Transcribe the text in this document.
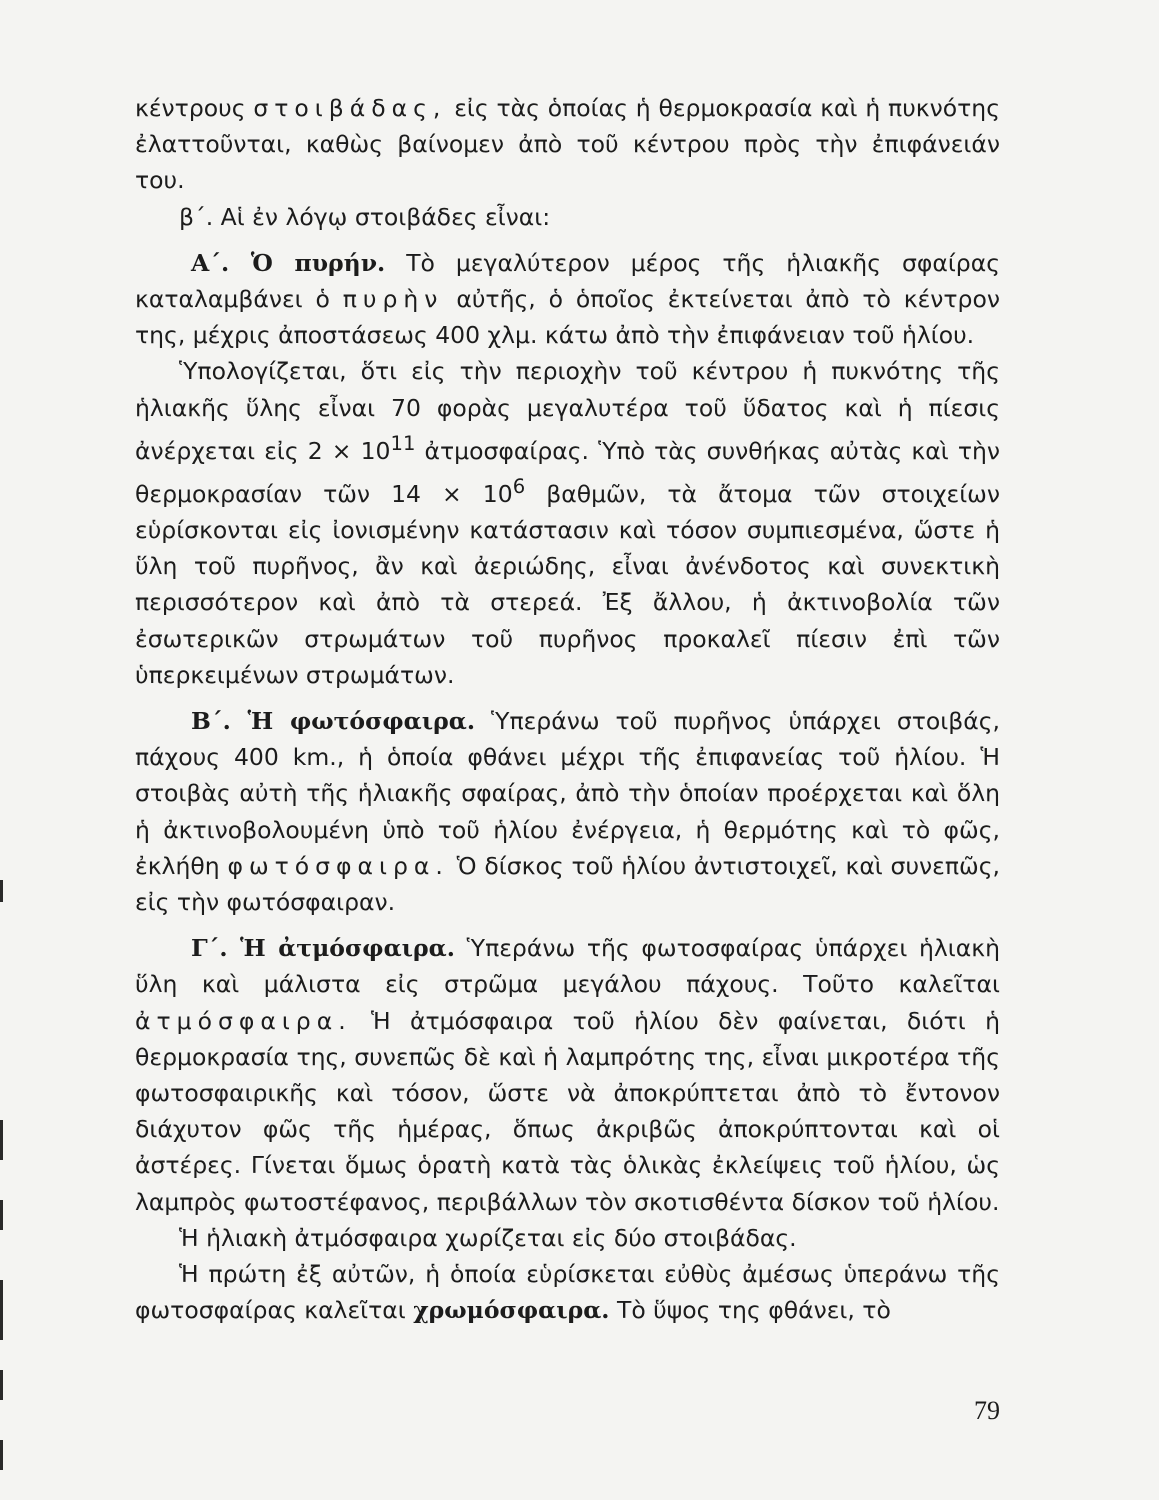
κέντρους στοιβάδας, εἰς τὰς ὁποίας ἡ θερμοκρασία καὶ ἡ πυκνότης ἐλαττοῦνται, καθὼς βαίνομεν ἀπὸ τοῦ κέντρου πρὸς τὴν ἐπιφάνειάν του.

β΄. Αἱ ἐν λόγῳ στοιβάδες εἶναι:

Α΄. Ὁ πυρήν. Τὸ μεγαλύτερον μέρος τῆς ἡλιακῆς σφαίρας καταλαμβάνει ὁ πυρὴν αὐτῆς, ὁ ὁποῖος ἐκτείνεται ἀπὸ τὸ κέντρον της, μέχρις ἀποστάσεως 400 χλμ. κάτω ἀπὸ τὴν ἐπιφάνειαν τοῦ ἡλίου.

Ὑπολογίζεται, ὅτι εἰς τὴν περιοχὴν τοῦ κέντρου ἡ πυκνότης τῆς ἡλιακῆς ὕλης εἶναι 70 φορὰς μεγαλυτέρα τοῦ ὕδατος καὶ ἡ πίεσις ἀνέρχεται εἰς $2 \times 10^{11}$ ἀτμοσφαίρας. Ὑπὸ τὰς συνθήκας αὐτὰς καὶ τὴν θερμοκρασίαν τῶν $14 \times 10^6$ βαθμῶν, τὰ ἄτομα τῶν στοιχείων εὑρίσκονται εἰς ἰονισμένην κατάστασιν καὶ τόσον συμπιεσμένα, ὥστε ἡ ὕλη τοῦ πυρῆνος, ἂν καὶ ἀεριώδης, εἶναι ἀνένδοτος καὶ συνεκτικὴ περισσότερον καὶ ἀπὸ τὰ στερεά. Ἐξ ἄλλου, ἡ ἀκτινοβολία τῶν ἐσωτερικῶν στρωμάτων τοῦ πυρῆνος προκαλεῖ πίεσιν ἐπὶ τῶν ὑπερκειμένων στρωμάτων.

Β΄. Ἡ φωτόσφαιρα. Ὑπεράνω τοῦ πυρῆνος ὑπάρχει στοιβάς, πάχους 400 km., ἡ ὁποία φθάνει μέχρι τῆς ἐπιφανείας τοῦ ἡλίου. Ἡ στοιβὰς αὐτὴ τῆς ἡλιακῆς σφαίρας, ἀπὸ τὴν ὁποίαν προέρχεται καὶ ὅλη ἡ ἀκτινοβολουμένη ὑπὸ τοῦ ἡλίου ἐνέργεια, ἡ θερμότης καὶ τὸ φῶς, ἐκλήθη φωτόσφαιρα. Ὁ δίσκος τοῦ ἡλίου ἀντιστοιχεῖ, καὶ συνεπῶς, εἰς τὴν φωτόσφαιραν.

Γ΄. Ἡ ἀτμόσφαιρα. Ὑπεράνω τῆς φωτοσφαίρας ὑπάρχει ἡλιακὴ ὕλη καὶ μάλιστα εἰς στρῶμα μεγάλου πάχους. Τοῦτο καλεῖται ἀτμόσφαιρα. Ἡ ἀτμόσφαιρα τοῦ ἡλίου δὲν φαίνεται, διότι ἡ θερμοκρασία της, συνεπῶς δὲ καὶ ἡ λαμπρότης της, εἶναι μικροτέρα τῆς φωτοσφαιρικῆς καὶ τόσον, ὥστε νὰ ἀποκρύπτεται ἀπὸ τὸ ἔντονον διάχυτον φῶς τῆς ἡμέρας, ὅπως ἀκριβῶς ἀποκρύπτονται καὶ οἱ ἀστέρες. Γίνεται ὅμως ὁρατὴ κατὰ τὰς ὁλικὰς ἐκλείψεις τοῦ ἡλίου, ὡς λαμπρὸς φωτοστέφανος, περιβάλλων τὸν σκοτισθέντα δίσκον τοῦ ἡλίου.

Ἡ ἡλιακὴ ἀτμόσφαιρα χωρίζεται εἰς δύο στοιβάδας.

Ἡ πρώτη ἐξ αὐτῶν, ἡ ὁποία εὑρίσκεται εὐθὺς ἀμέσως ὑπεράνω τῆς φωτοσφαίρας καλεῖται χρωμόσφαιρα. Τὸ ὕψος της φθάνει, τὸ

79
